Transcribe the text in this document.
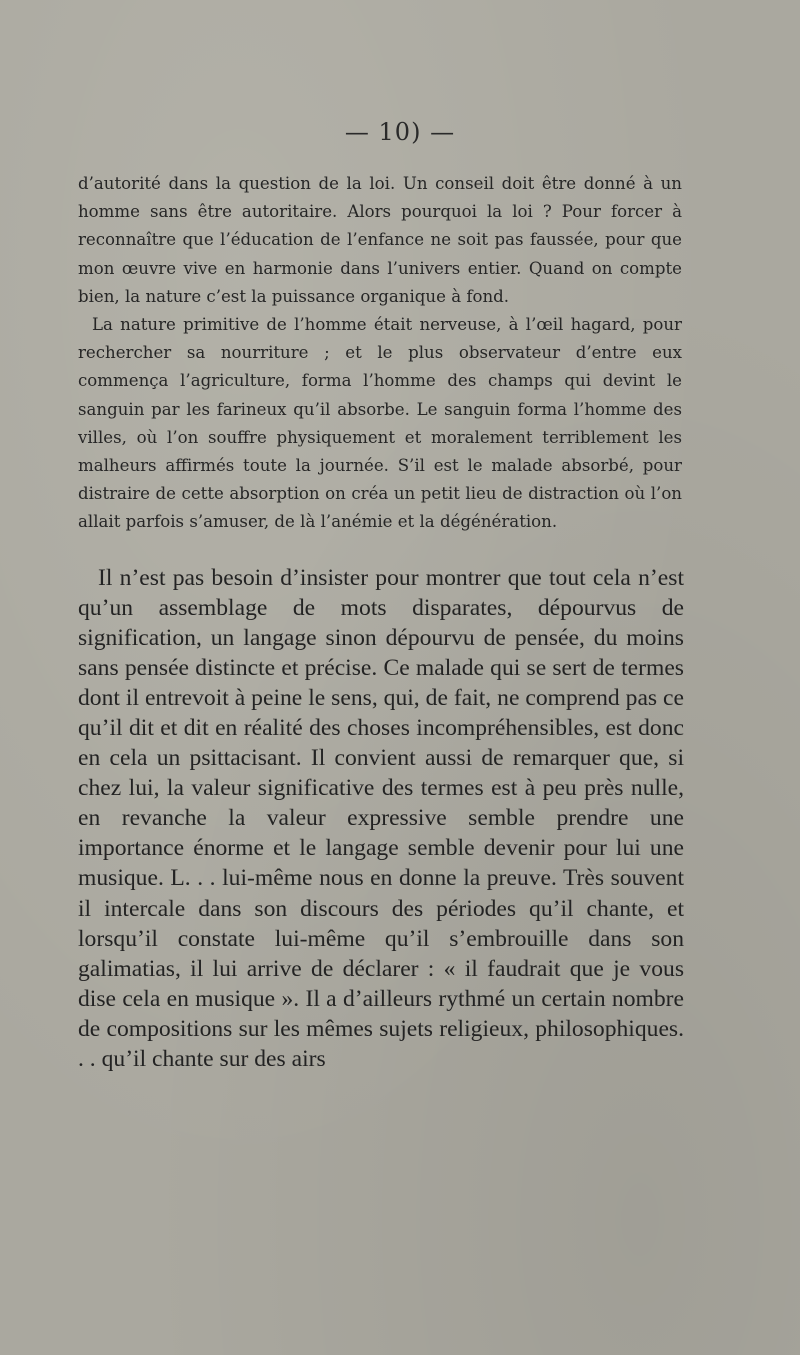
— 10) —

d’autorité dans la question de la loi. Un conseil doit être donné à un homme sans être autoritaire. Alors pourquoi la loi ? Pour forcer à reconnaître que l’éducation de l’enfance ne soit pas faussée, pour que mon œuvre vive en harmonie dans l’univers entier. Quand on compte bien, la nature c’est la puissance organique à fond.

La nature primitive de l’homme était nerveuse, à l’œil hagard, pour rechercher sa nourriture ; et le plus observateur d’entre eux commença l’agriculture, forma l’homme des champs qui devint le sanguin par les farineux qu’il absorbe. Le sanguin forma l’homme des villes, où l’on souffre physiquement et moralement terriblement les malheurs affirmés toute la journée. S’il est le malade absorbé, pour distraire de cette absorption on créa un petit lieu de distraction où l’on allait parfois s’amuser, de là l’anémie et la dégénération.

Il n’est pas besoin d’insister pour montrer que tout cela n’est qu’un assemblage de mots disparates, dépourvus de signification, un langage sinon dépourvu de pensée, du moins sans pensée distincte et précise. Ce malade qui se sert de termes dont il entrevoit à peine le sens, qui, de fait, ne comprend pas ce qu’il dit et dit en réalité des choses incompréhensibles, est donc en cela un psittacisant. Il convient aussi de remarquer que, si chez lui, la valeur significative des termes est à peu près nulle, en revanche la valeur expressive semble prendre une importance énorme et le langage semble devenir pour lui une musique. L. . . lui-même nous en donne la preuve. Très souvent il intercale dans son discours des périodes qu’il chante, et lorsqu’il constate lui-même qu’il s’embrouille dans son galimatias, il lui arrive de déclarer : « il faudrait que je vous dise cela en musique ». Il a d’ailleurs rythmé un certain nombre de compositions sur les mêmes sujets religieux, philosophiques. . . qu’il chante sur des airs
